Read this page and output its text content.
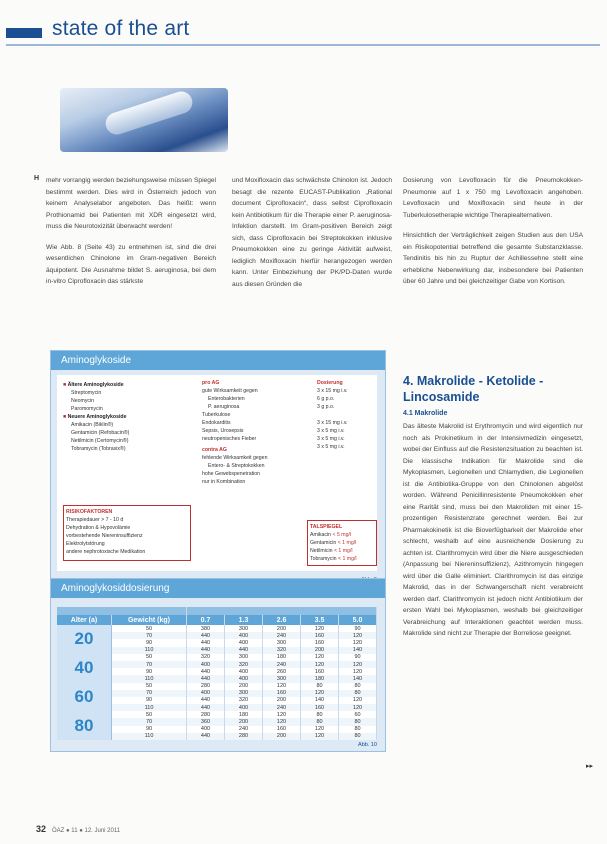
state of the art
H mehr vorrangig werden beziehungsweise müssen Spiegel bestimmt werden. Dies wird in Österreich jedoch von keinem Analyselabor angeboten. Das heißt: wenn Prothionamid bei Patienten mit XDR eingesetzt wird, muss die Neurotoxizität überwacht werden!

Wie Abb. 8 (Seite 43) zu entnehmen ist, sind die drei wesentlichen Chinolone im Gram-negativen Bereich äquipotent. Die Ausnahme bildet S. aeruginosa, bei dem in-vitro Ciprofloxacin das stärkste

und Moxifloxacin das schwächste Chinolon ist. Jedoch besagt die rezente EUCAST-Publikation „Rational document Ciprofloxacin“, dass selbst Ciprofloxacin kein Antibiotikum für die Therapie einer P. aeruginosa-Infektion darstellt. Im Gram-positiven Bereich zeigt sich, dass Ciprofloxacin bei Streptokokken inklusive Pneumokokken eine zu geringe Aktivität aufweist, lediglich Moxifloxacin hierfür herangezogen werden kann. Unter Einbeziehung der PK/PD-Daten wurde aus diesen Gründen die

Dosierung von Levofloxacin für die Pneumokokken-Pneumonie auf 1 x 750 mg Levofloxacin angehoben. Levofloxacin und Moxifloxacin sind heute in der Tuberkulosetherapie wichtige Therapiealternativen.

Hinsichtlich der Verträglichkeit zeigen Studien aus den USA ein Risikopotential betreffend die gesamte Substanzklasse. Tendinitis bis hin zu Ruptur der Achillessehne stellt eine erhebliche Nebenwirkung dar, insbesondere bei Patienten über 60 Jahre und bei gleichzeitiger Gabe von Kortison.

4. Makrolide - Ketolide - Lincosamide
4.1 Makrolide

Das älteste Makrolid ist Erythromycin und wird eigentlich nur noch als Prokinetikum in der Intensivmedizin eingesetzt, wobei der Einfluss auf die Resistenzsituation zu beachten ist. Die klassische Indikation für Makrolide sind die Mykoplasmen, Legionellen und Chlamydien, die Legionellen ist die Antibiotika-Gruppe von den Chinolonen abgelöst worden. Während Penicillinresistente Pneumokokken eher eine Rarität sind, muss bei den Makroliden mit einer 15-prozentigen Resistenzrate gerechnet werden. Bei zur Pharmakokinetik ist die Bioverfügbarkeit der Makrolide eher schlecht, weshalb auf eine ausreichende Dosierung zu achten ist. Clarithromycin wird über die Niere ausgeschieden (Anpassung bei Niereninsuffizienz), Azithromycin hingegen wird über die Galle eliminiert. Clarithromycin ist das einzige Makrolid, das in der Schwangerschaft nicht verabreicht werden darf. Clarithromycin ist jedoch nicht Antibiotikum der ersten Wahl bei Mykoplasmen, weshalb bei gleichzeitiger Verabreichung auf Interaktionen geachtet werden muss. Makrolide sind nicht zur Therapie der Borreliose geeignet.

Aminoglykoside
■ Ältere Aminoglykoside
Streptomycin
Neomycin
Paromomycin
■ Neuere Aminoglykoside
Amikacin (Biklin®)
Gentamicin (Refobacin®)
Netilmicin (Certomycin®)
Tobramycin (Tobrasix®)
pro AG
gute Wirksamkeit gegen
Enterobakterien
P. aeruginosa
Tuberkulose
Endokarditis
Sepsis, Urosepsis
neutropenisches Fieber
contra AG
fehlende Wirksamkeit gegen
Entero- & Streptokokken
hohe Gewebspenetration
nur in Kombination
Dosierung
3 x 15 mg i.v.
6 g p.o.
3 g p.o.
3 x 15 mg i.v.
3 x 5 mg i.v.
3 x 5 mg i.v.
3 x 5 mg i.v.
RISIKOFAKTOREN
Therapiedauer > 7 - 10 d
Dehydration & Hypovolämie
vorbestehende Niereninsuffizienz
Elektrolytstörung
andere nephrotoxische Medikation
TALSPIEGEL
Amikacin < 5 mg/l
Gentamicin < 1 mg/l
Netilmicin < 1 mg/l
Tobramycin < 1 mg/l
Aminoglykosiddosierung

Alter (a)	Gewicht (kg)	0.7	1.3	2.6	3.5	5.0
20	50	380	300	200	120	90
	70	440	400	240	160	120
	90	440	400	300	160	120
	110	440	440	320	200	140
40	50	320	300	180	120	90
	70	400	320	240	120	120
	90	440	400	260	160	120
	110	440	400	300	180	140
60	50	280	200	120	80	80
	70	400	300	160	120	80
	90	440	320	200	140	120
	110	440	400	240	160	120
80	50	280	180	120	80	60
	70	360	200	120	80	80
	90	400	240	160	120	80
	110	440	280	200	120	80
Abb. 10
▸▸
32 ÖAZ ● 11 ● 12. Juni 2011
